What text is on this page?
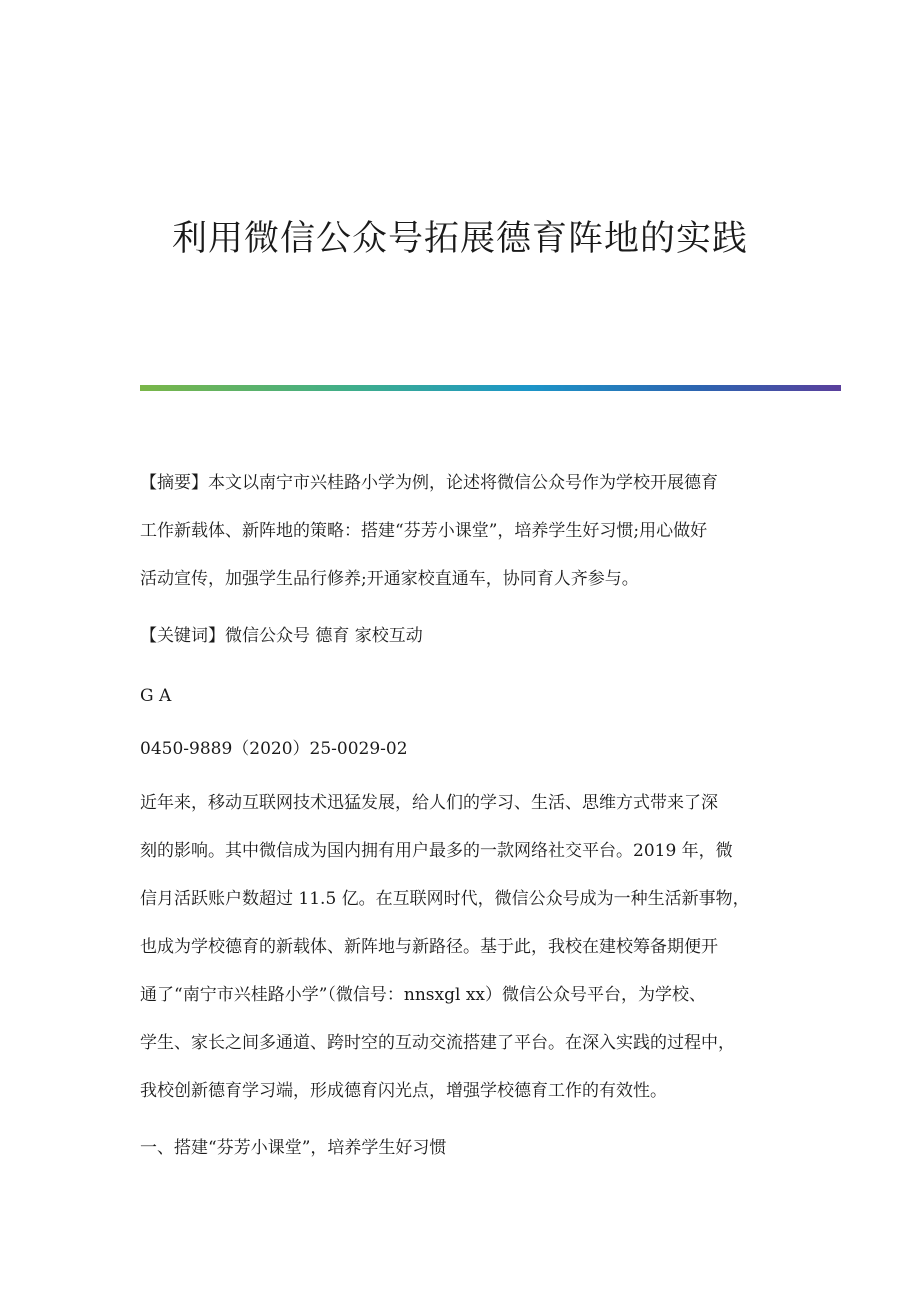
利用微信公众号拓展德育阵地的实践

【摘要】本文以南宁市兴桂路小学为例，论述将微信公众号作为学校开展德育
工作新载体、新阵地的策略：搭建“芬芳小课堂”，培养学生好习惯;用心做好
活动宣传，加强学生品行修养;开通家校直通车，协同育人齐参与。

【关键词】微信公众号 德育 家校互动

G A

0450-9889（2020）25-0029-02

近年来，移动互联网技术迅猛发展，给人们的学习、生活、思维方式带来了深
刻的影响。其中微信成为国内拥有用户最多的一款网络社交平台。2019 年，微
信月活跃账户数超过 11.5 亿。在互联网时代，微信公众号成为一种生活新事物，
也成为学校德育的新载体、新阵地与新路径。基于此，我校在建校筹备期便开
通了“南宁市兴桂路小学”（微信号：nnsxgl xx）微信公众号平台，为学校、
学生、家长之间多通道、跨时空的互动交流搭建了平台。在深入实践的过程中，
我校创新德育学习端，形成德育闪光点，增强学校德育工作的有效性。

一、搭建“芬芳小课堂”，培养学生好习惯
